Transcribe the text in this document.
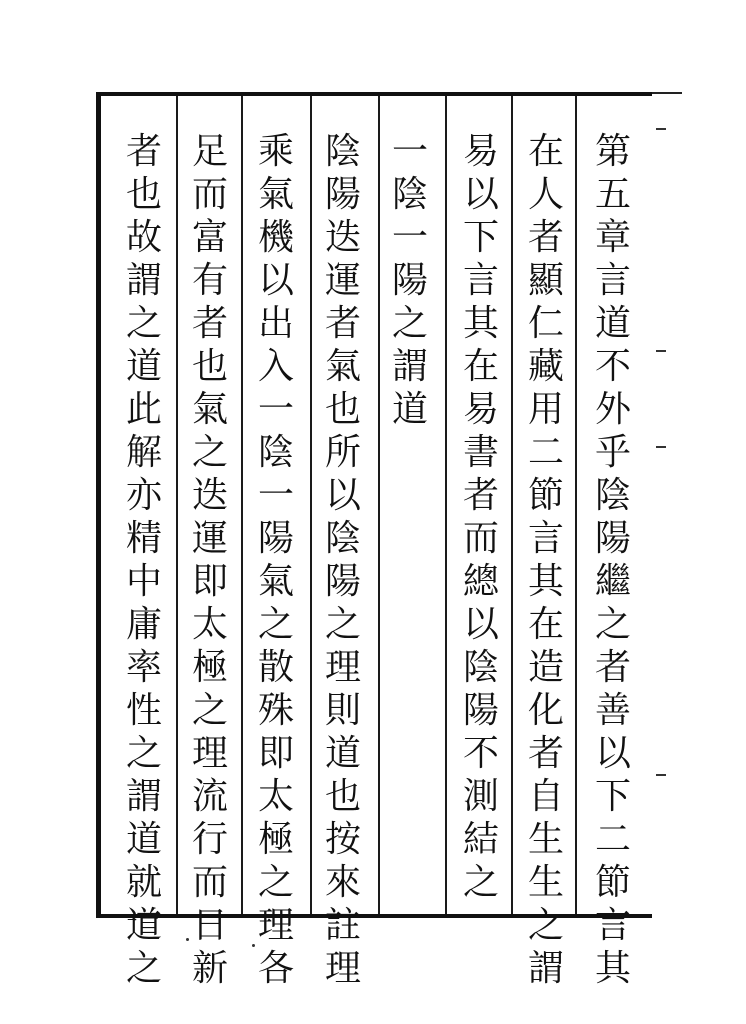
第
五
章
言
道
不
外
乎
陰
陽
繼
之
者
善
以
下
二
節
言
其
在
人
者
顯
仁
藏
用
二
節
言
其
在
造
化
者
自
生
生
之
謂
易
以
下
言
其
在
易
書
者
而
總
以
陰
陽
不
測
結
之
一
陰
一
陽
之
謂
道
陰
陽
迭
運
者
氣
也
所
以
陰
陽
之
理
則
道
也
按
來
註
理
乘
氣
機
以
出
入
一
陰
一
陽
氣
之
散
殊
即
太
極
之
理
各
足
而
富
有
者
也
氣
之
迭
運
即
太
極
之
理
流
行
而
日
新
者
也
故
謂
之
道
此
解
亦
精
中
庸
率
性
之
謂
道
就
道
之
